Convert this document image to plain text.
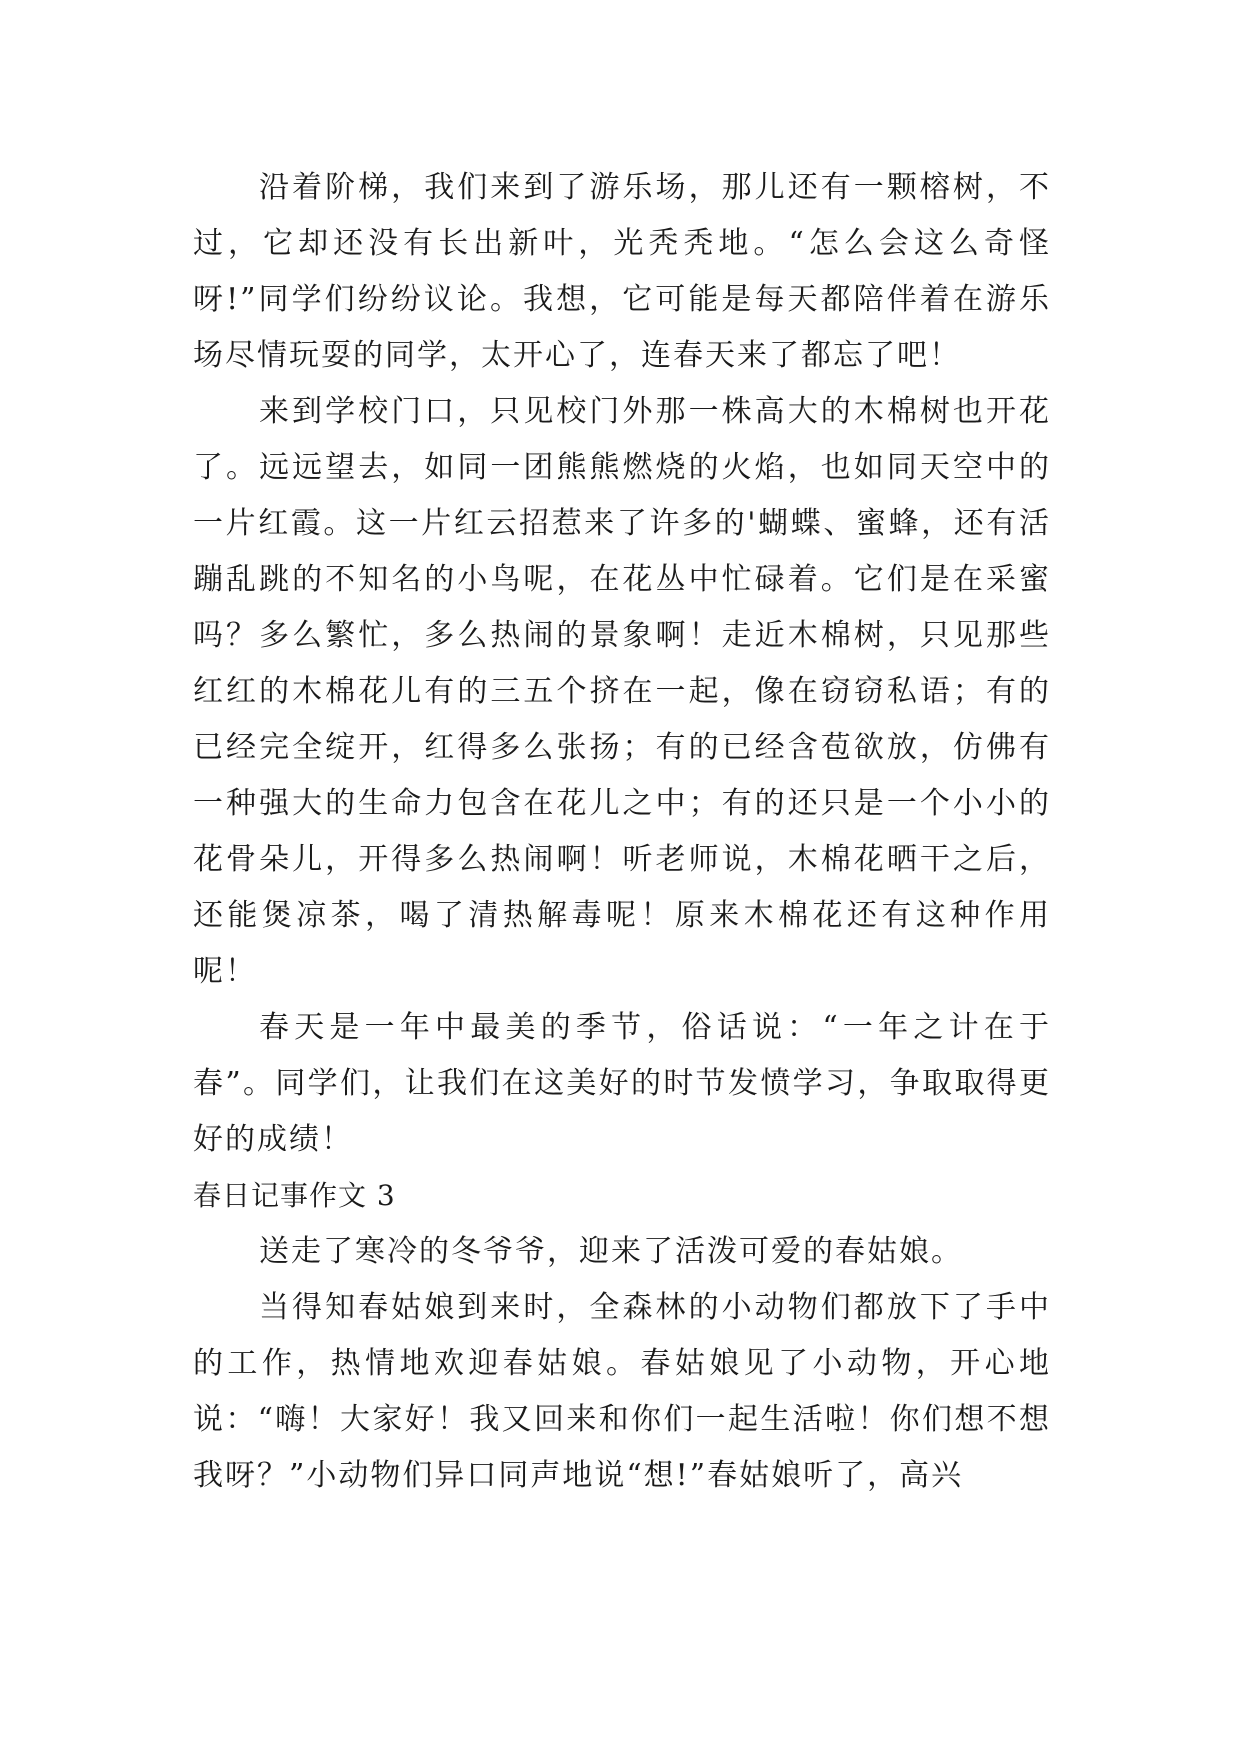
沿着阶梯，我们来到了游乐场，那儿还有一颗榕树，不过，它却还没有长出新叶，光秃秃地。“怎么会这么奇怪呀!”同学们纷纷议论。我想，它可能是每天都陪伴着在游乐场尽情玩耍的同学，太开心了，连春天来了都忘了吧！

来到学校门口，只见校门外那一株高大的木棉树也开花了。远远望去，如同一团熊熊燃烧的火焰，也如同天空中的一片红霞。这一片红云招惹来了许多的'蝴蝶、蜜蜂，还有活蹦乱跳的不知名的小鸟呢，在花丛中忙碌着。它们是在采蜜吗？多么繁忙，多么热闹的景象啊！走近木棉树，只见那些红红的木棉花儿有的三五个挤在一起，像在窃窃私语；有的已经完全绽开，红得多么张扬；有的已经含苞欲放，仿佛有一种强大的生命力包含在花儿之中；有的还只是一个小小的花骨朵儿，开得多么热闹啊！听老师说，木棉花晒干之后，还能煲凉茶，喝了清热解毒呢！原来木棉花还有这种作用呢！

春天是一年中最美的季节，俗话说：“一年之计在于春”。同学们，让我们在这美好的时节发愤学习，争取取得更好的成绩！

春日记事作文 3

送走了寒冷的冬爷爷，迎来了活泼可爱的春姑娘。

当得知春姑娘到来时，全森林的小动物们都放下了手中的工作，热情地欢迎春姑娘。春姑娘见了小动物，开心地说：“嗨！大家好！我又回来和你们一起生活啦！你们想不想我呀？”小动物们异口同声地说“想!”春姑娘听了，高兴
